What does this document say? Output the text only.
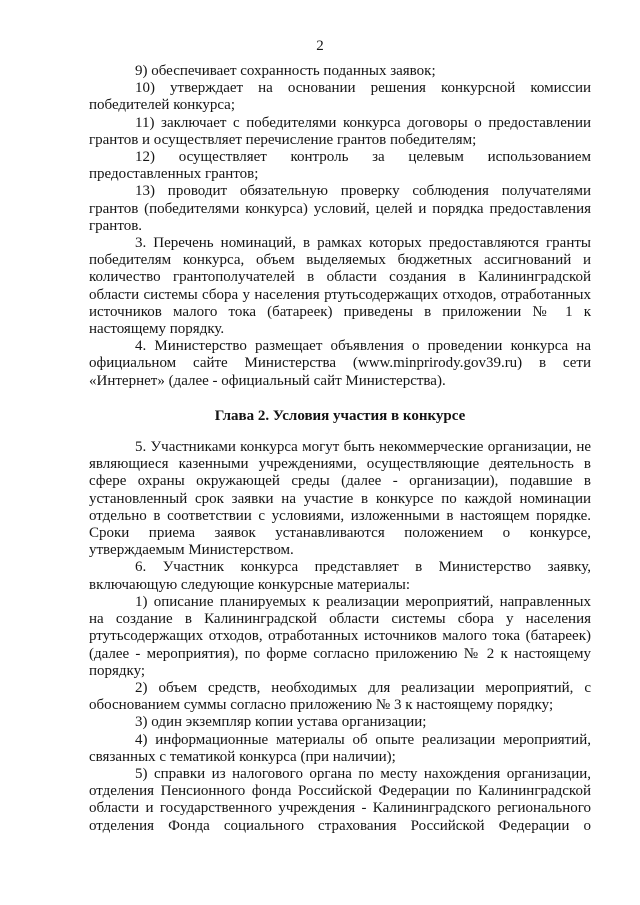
2

9) обеспечивает сохранность поданных заявок;

10) утверждает на основании решения конкурсной комиссии победителей конкурса;

11) заключает с победителями конкурса договоры о предоставлении грантов и осуществляет перечисление грантов победителям;

12) осуществляет контроль за целевым использованием предоставленных грантов;

13) проводит обязательную проверку соблюдения получателями грантов (победителями конкурса) условий, целей и порядка предоставления грантов.

3. Перечень номинаций, в рамках которых предоставляются гранты победителям конкурса, объем выделяемых бюджетных ассигнований и количество грантополучателей в области создания в Калининградской области системы сбора у населения ртутьсодержащих отходов, отработанных источников малого тока (батареек) приведены в приложении № 1 к настоящему порядку.

4. Министерство размещает объявления о проведении конкурса на официальном сайте Министерства (www.minprirody.gov39.ru) в сети «Интернет» (далее - официальный сайт Министерства).

Глава 2. Условия участия в конкурсе

5. Участниками конкурса могут быть некоммерческие организации, не являющиеся казенными учреждениями, осуществляющие деятельность в сфере охраны окружающей среды (далее - организации), подавшие в установленный срок заявки на участие в конкурсе по каждой номинации отдельно в соответствии с условиями, изложенными в настоящем порядке. Сроки приема заявок устанавливаются положением о конкурсе, утверждаемым Министерством.

6. Участник конкурса представляет в Министерство заявку, включающую следующие конкурсные материалы:

1) описание планируемых к реализации мероприятий, направленных на создание в Калининградской области системы сбора у населения ртутьсодержащих отходов, отработанных источников малого тока (батареек) (далее - мероприятия), по форме согласно приложению № 2 к настоящему порядку;

2) объем средств, необходимых для реализации мероприятий, с обоснованием суммы согласно приложению № 3 к настоящему порядку;

3) один экземпляр копии устава организации;

4) информационные материалы об опыте реализации мероприятий, связанных с тематикой конкурса (при наличии);

5) справки из налогового органа по месту нахождения организации, отделения Пенсионного фонда Российской Федерации по Калининградской области и государственного учреждения - Калининградского регионального отделения Фонда социального страхования Российской Федерации о
